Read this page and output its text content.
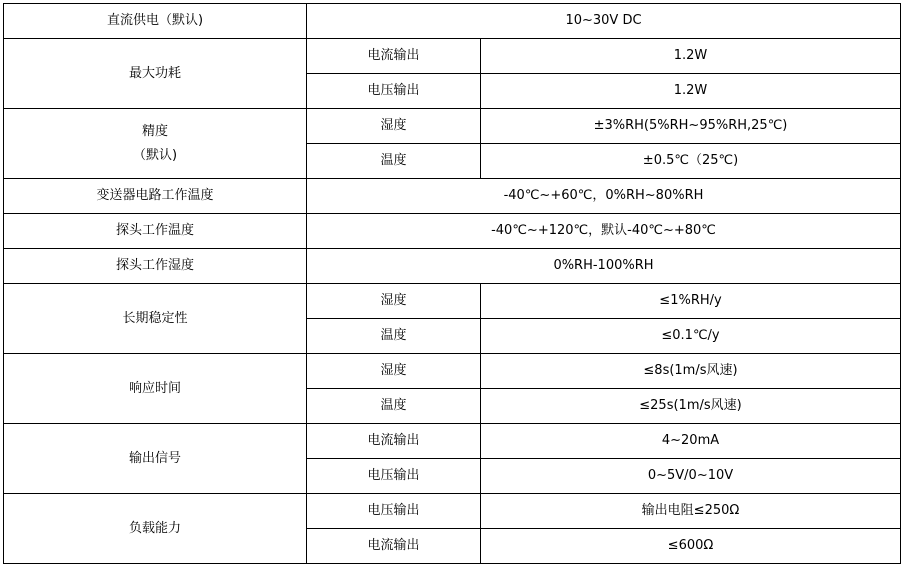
直流供电（默认)	10~30V DC	
最大功耗	电流输出	1.2W
	电压输出	1.2W

精度
（默认)	湿度	±3%RH(5%RH~95%RH,25℃)
	温度	±0.5℃（25℃)
变送器电路工作温度	-40℃~+60℃，0%RH~80%RH	
探头工作温度	-40℃~+120℃，默认-40℃~+80℃	
探头工作湿度	0%RH-100%RH	
长期稳定性	湿度	≤1%RH/y
	温度	≤0.1℃/y
响应时间	湿度	≤8s(1m/s风速)
	温度	≤25s(1m/s风速)
输出信号	电流输出	4~20mA
	电压输出	0~5V/0~10V
负载能力	电压输出	输出电阻≤250Ω
	电流输出	≤600Ω
